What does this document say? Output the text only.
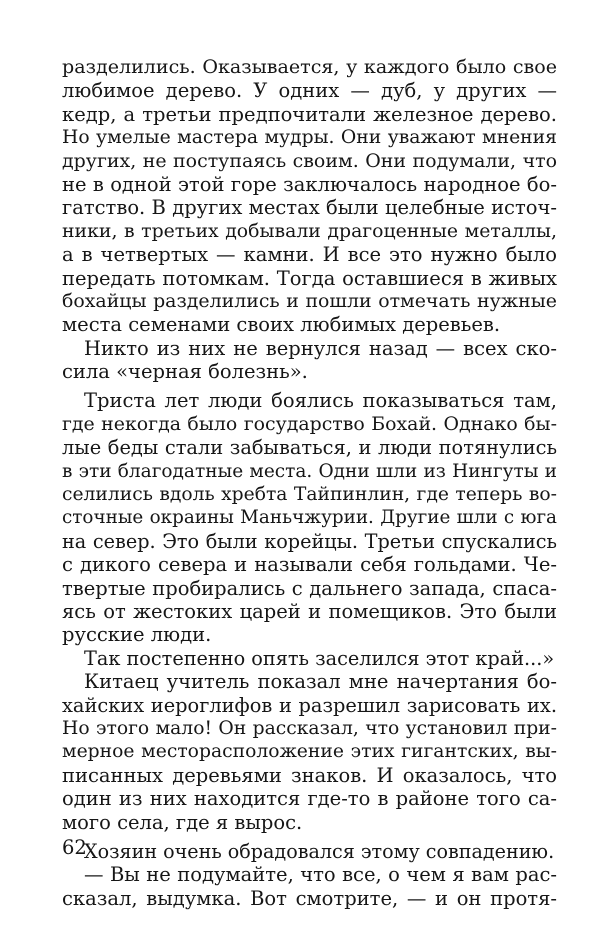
разделились. Оказывается, у каждого было свое
любимое дерево. У одних — дуб, у других —
кедр, а третьи предпочитали железное дерево.
Но умелые мастера мудры. Они уважают мнения
других, не поступаясь своим. Они подумали, что
не в одной этой горе заключалось народное бо-
гатство. В других местах были целебные источ-
ники, в третьих добывали драгоценные металлы,
а в четвертых — камни. И все это нужно было
передать потомкам. Тогда оставшиеся в живых
бохайцы разделились и пошли отмечать нужные
места семенами своих любимых деревьев.
Никто из них не вернулся назад — всех ско-
сила «черная болезнь».
Триста лет люди боялись показываться там,
где некогда было государство Бохай. Однако бы-
лые беды стали забываться, и люди потянулись
в эти благодатные места. Одни шли из Нингуты и
селились вдоль хребта Тайпинлин, где теперь во-
сточные окраины Маньчжурии. Другие шли с юга
на север. Это были корейцы. Третьи спускались
с дикого севера и называли себя гольдами. Че-
твертые пробирались с дальнего запада, спаса-
ясь от жестоких царей и помещиков. Это были
русские люди.
Так постепенно опять заселился этот край...»
Китаец учитель показал мне начертания бо-
хайских иероглифов и разрешил зарисовать их.
Но этого мало! Он рассказал, что установил при-
мерное месторасположение этих гигантских, вы-
писанных деревьями знаков. И оказалось, что
один из них находится где-то в районе того са-
мого села, где я вырос.
Хозяин очень обрадовался этому совпадению.
— Вы не подумайте, что все, о чем я вам рас-
сказал, выдумка. Вот смотрите, — и он протя-
62
